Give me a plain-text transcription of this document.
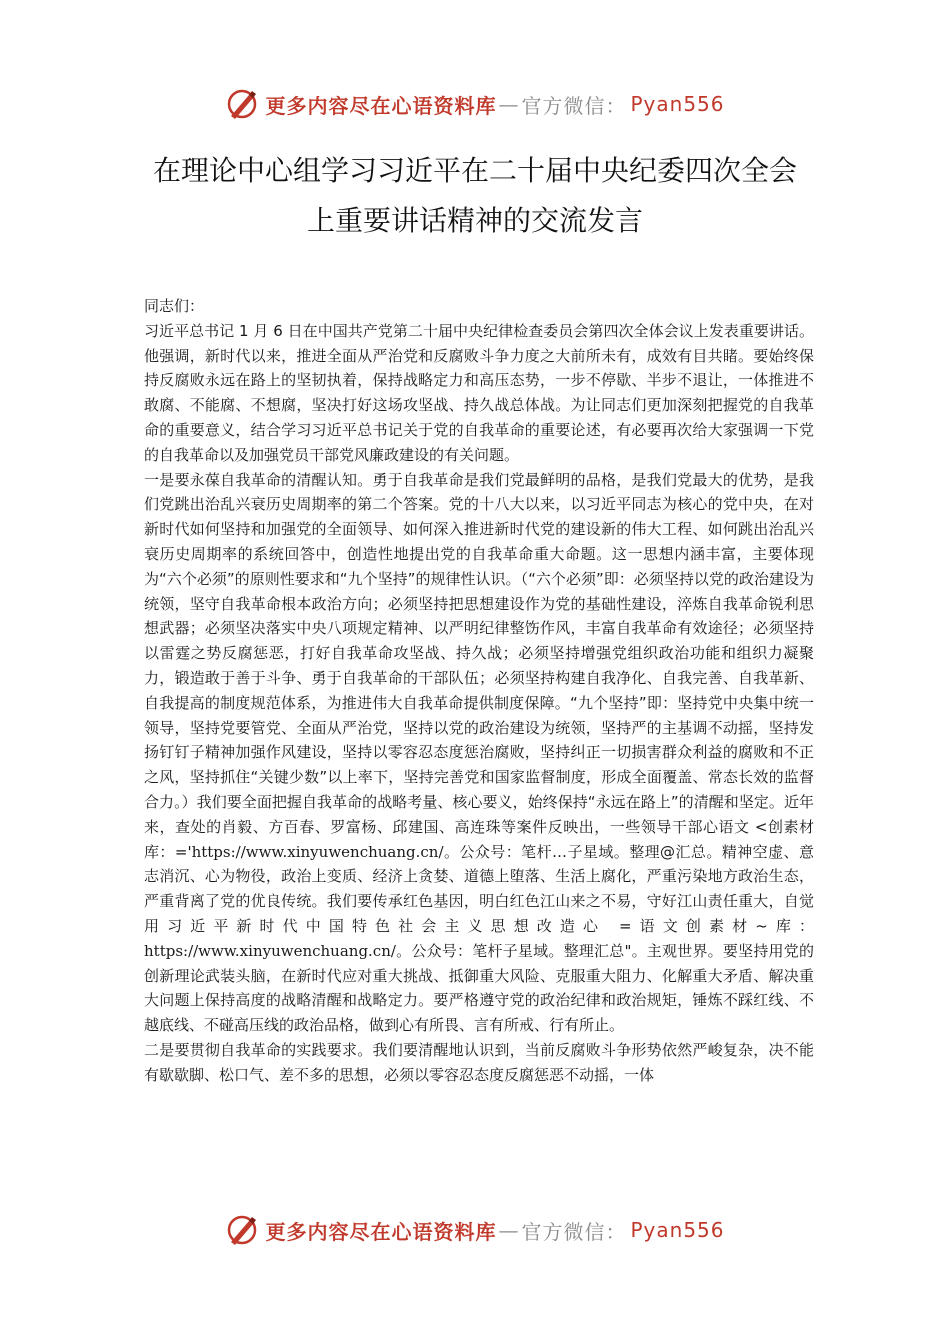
更多内容尽在心语资料库 — 官方微信： Pyan556
在理论中心组学习习近平在二十届中央纪委四次全会
上重要讲话精神的交流发言

同志们：

习近平总书记 1 月 6 日在中国共产党第二十届中央纪律检查委员会第四次全体会议上发表重要讲话。他强调，新时代以来，推进全面从严治党和反腐败斗争力度之大前所未有，成效有目共睹。要始终保持反腐败永远在路上的坚韧执着，保持战略定力和高压态势，一步不停歇、半步不退让，一体推进不敢腐、不能腐、不想腐，坚决打好这场攻坚战、持久战总体战。为让同志们更加深刻把握党的自我革命的重要意义，结合学习习近平总书记关于党的自我革命的重要论述，有必要再次给大家强调一下党的自我革命以及加强党员干部党风廉政建设的有关问题。

一是要永葆自我革命的清醒认知。勇于自我革命是我们党最鲜明的品格，是我们党最大的优势，是我们党跳出治乱兴衰历史周期率的第二个答案。党的十八大以来，以习近平同志为核心的党中央，在对新时代如何坚持和加强党的全面领导、如何深入推进新时代党的建设新的伟大工程、如何跳出治乱兴衰历史周期率的系统回答中，创造性地提出党的自我革命重大命题。这一思想内涵丰富，主要体现为“六个必须”的原则性要求和“九个坚持”的规律性认识。（“六个必须”即：必须坚持以党的政治建设为统领，坚守自我革命根本政治方向；必须坚持把思想建设作为党的基础性建设，淬炼自我革命锐利思想武器；必须坚决落实中央八项规定精神、以严明纪律整饬作风，丰富自我革命有效途径；必须坚持以雷霆之势反腐惩恶，打好自我革命攻坚战、持久战；必须坚持增强党组织政治功能和组织力凝聚力，锻造敢于善于斗争、勇于自我革命的干部队伍；必须坚持构建自我净化、自我完善、自我革新、自我提高的制度规范体系，为推进伟大自我革命提供制度保障。“九个坚持”即：坚持党中央集中统一领导，坚持党要管党、全面从严治党，坚持以党的政治建设为统领，坚持严的主基调不动摇，坚持发扬钉钉子精神加强作风建设，坚持以零容忍态度惩治腐败，坚持纠正一切损害群众利益的腐败和不正之风，坚持抓住“关键少数”以上率下，坚持完善党和国家监督制度，形成全面覆盖、常态长效的监督合力。）我们要全面把握自我革命的战略考量、核心要义，始终保持“永远在路上”的清醒和坚定。近年来，查处的肖毅、方百春、罗富杨、邱建国、高连珠等案件反映出，一些领导干部心语文 <创素材库：='https://www.xinyuwenchuang.cn/。公众号：笔杆…子星域。整理@汇总。精神空虚、意志消沉、心为物役，政治上变质、经济上贪婪、道德上堕落、生活上腐化，严重污染地方政治生态，严重背离了党的优良传统。我们要传承红色基因，明白红色江山来之不易，守好江山责任重大，自觉用习近平新时代中国特色社会主义思想改造心 =语文创素材~库：https://www.xinyuwenchuang.cn/。公众号：笔杆子星域。整理汇总"。主观世界。要坚持用党的创新理论武装头脑，在新时代应对重大挑战、抵御重大风险、克服重大阻力、化解重大矛盾、解决重大问题上保持高度的战略清醒和战略定力。要严格遵守党的政治纪律和政治规矩，锤炼不踩红线、不越底线、不碰高压线的政治品格，做到心有所畏、言有所戒、行有所止。

二是要贯彻自我革命的实践要求。我们要清醒地认识到，当前反腐败斗争形势依然严峻复杂，决不能有歇歇脚、松口气、差不多的思想，必须以零容忍态度反腐惩恶不动摇，一体

更多内容尽在心语资料库 — 官方微信： Pyan556
